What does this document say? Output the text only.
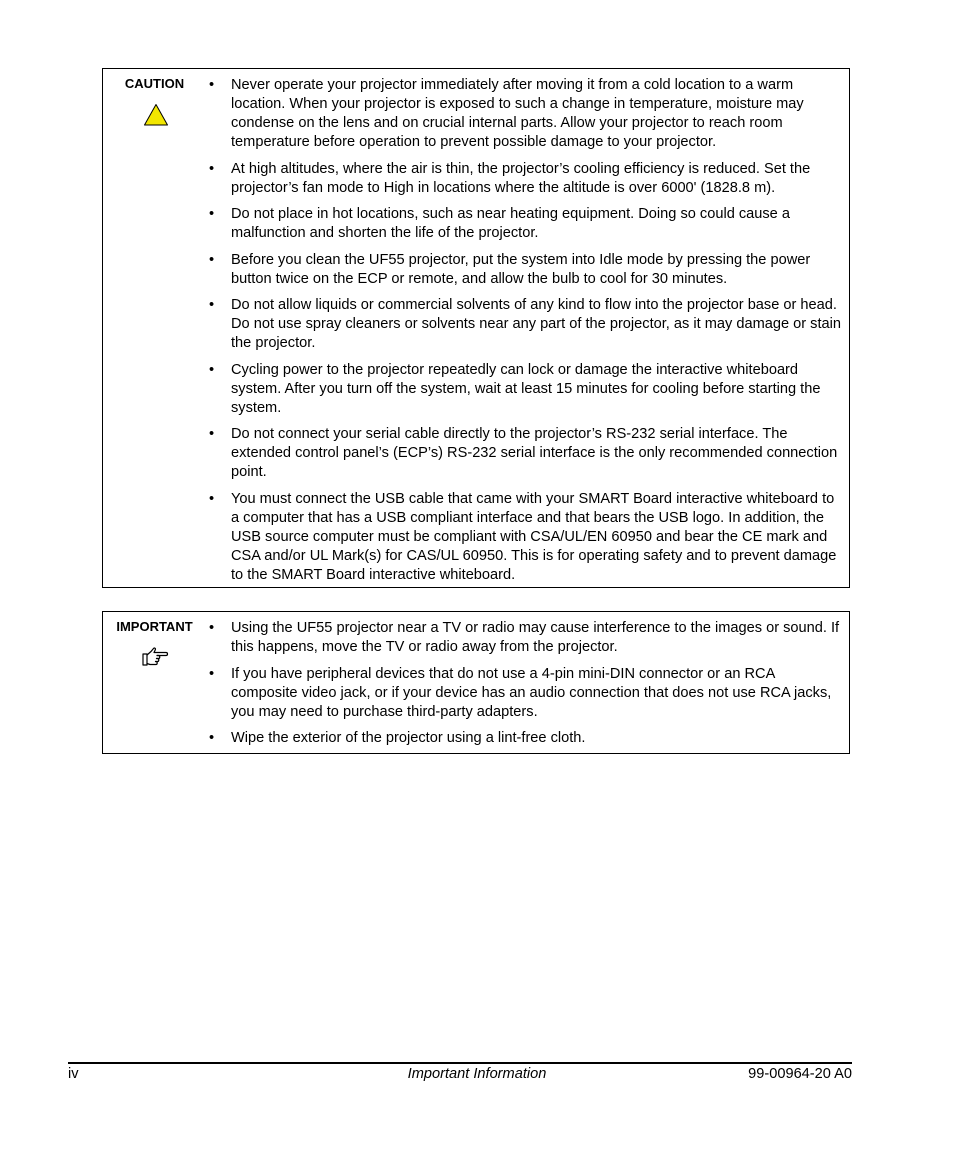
CAUTION	• Never operate your projector immediately after moving it from a cold location to a warm location. When your projector is exposed to such a change in temperature, moisture may condense on the lens and on crucial internal parts. Allow your projector to reach room temperature before operation to prevent possible damage to your projector.
• At high altitudes, where the air is thin, the projector’s cooling efficiency is reduced. Set the projector’s fan mode to High in locations where the altitude is over 6000' (1828.8 m).
• Do not place in hot locations, such as near heating equipment. Doing so could cause a malfunction and shorten the life of the projector.
• Before you clean the UF55 projector, put the system into Idle mode by pressing the power button twice on the ECP or remote, and allow the bulb to cool for 30 minutes.
• Do not allow liquids or commercial solvents of any kind to flow into the projector base or head. Do not use spray cleaners or solvents near any part of the projector, as it may damage or stain the projector.
• Cycling power to the projector repeatedly can lock or damage the interactive whiteboard system. After you turn off the system, wait at least 15 minutes for cooling before starting the system.
• Do not connect your serial cable directly to the projector’s RS-232 serial interface. The extended control panel’s (ECP’s) RS-232 serial interface is the only recommended connection point.
• You must connect the USB cable that came with your SMART Board interactive whiteboard to a computer that has a USB compliant interface and that bears the USB logo. In addition, the USB source computer must be compliant with CSA/UL/EN 60950 and bear the CE mark and CSA and/or UL Mark(s) for CAS/UL 60950. This is for operating safety and to prevent damage to the SMART Board interactive whiteboard.
IMPORTANT	• Using the UF55 projector near a TV or radio may cause interference to the images or sound. If this happens, move the TV or radio away from the projector.
• If you have peripheral devices that do not use a 4-pin mini-DIN connector or an RCA composite video jack, or if your device has an audio connection that does not use RCA jacks, you may need to purchase third-party adapters.
• Wipe the exterior of the projector using a lint-free cloth.
iv	Important Information	99-00964-20 A0
